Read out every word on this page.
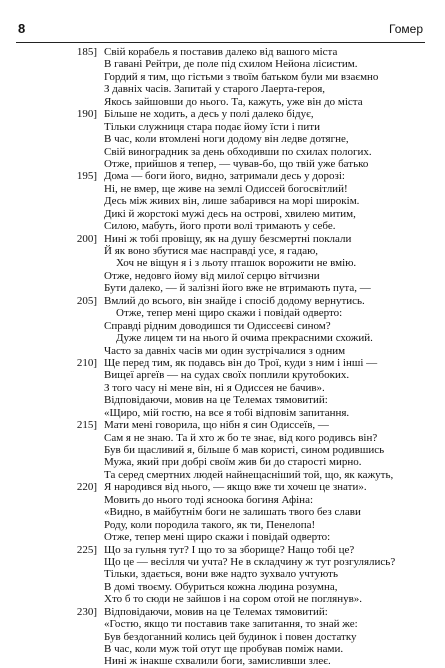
8	Гомер
185] Свій корабель я поставив далеко від вашого міста
В гавані Рейтри, де поле під схилом Нейона лісистим.
Гордий я тим, що гістьми з твоїм батьком були ми взаємно
З давніх часів. Запитай у старого Лаерта-героя,
Якось зайшовши до нього. Та, кажуть, уже він до міста
190] Більше не ходить, а десь у полі далеко бідує,
Тільки служниця стара подає йому їсти і пити
В час, коли втомлені ноги додому він ледве дотягне,
Свій виноградник за день обходивши по схилах пологих.
Отже, прийшов я тепер, — чував-бо, що твій уже батько
195] Дома — боги його, видно, затримали десь у дорозі:
Ні, не вмер, ще живе на землі Одиссей богосвітлий!
Десь між живих він, лише забарився на морі широкім.
Дикі й жорстокі мужі десь на острові, хвилею митим,
Силою, мабуть, його проти волі тримають у себе.
200] Нині ж тобі провіщу, як на душу безсмертні поклали
Й як воно збутися має насправді усе, я гадаю,
Хоч не віщун я і з льоту пташок ворожити не вмію.
Отже, недовго йому від милої серцю вітчизни
Бути далеко, — й залізні його вже не втримають пута, —
205] Вмлий до всього, він знайде і спосіб додому вернутись.
Отже, тепер мені щиро скажи і повідай одверто:
Справді рідним доводишся ти Одиссеєві сином?
Дуже лицем ти на нього й очима прекрасними схожий.
Часто за давніх часів ми один зустрічалися з одним
210] Ще перед тим, як подавсь він до Трої, куди з ним і інші —
Вищеї аргеїв — на судах своїх поплили крутобоких.
З того часу ні мене він, ні я Одиссея не бачив».
Відповідаючи, мовив на це Телемах тямовитий:
«Щиро, мій гостю, на все я тобі відповім запитання.
215] Мати мені говорила, що нібн я син Одиссеїв, —
Сам я не знаю. Та й хто ж бо те знає, від кого родивсь він?
Був би щасливий я, більше б мав користі, сином родившись
Мужа, який при добрі своїм жив би до старості мирно.
Та серед смертних людей найнещасніший той, що, як кажуть,
220] Я народився від нього, — якщо вже ти хочеш це знати».
Мовить до нього тоді ясноока богиня Афіна:
«Видно, в майбутнім боги не залишать твого без слави
Роду, коли породила такого, як ти, Пенелопа!
Отже, тепер мені щиро скажи і повідай одверто:
225] Що за гульня тут? І що то за зборище? Нащо тобі це?
Що це — весілля чи учта? Не в складчину ж тут розгулялись?
Тільки, здається, вони вже надто зухвало учтують
В домі твоєму. Обуриться кожна людина розумна,
Хто б то сюди не зайшов і на сором отой не поглянув».
230] Відповідаючи, мовив на це Телемах тямовитий:
«Гостю, якщо ти поставив таке запитання, то знай же:
Був бездоганний колись цей будинок і повен достатку
В час, коли муж той отут ще пробував поміж нами.
Нині ж інакше схвалили боги, замисливши злеє.
